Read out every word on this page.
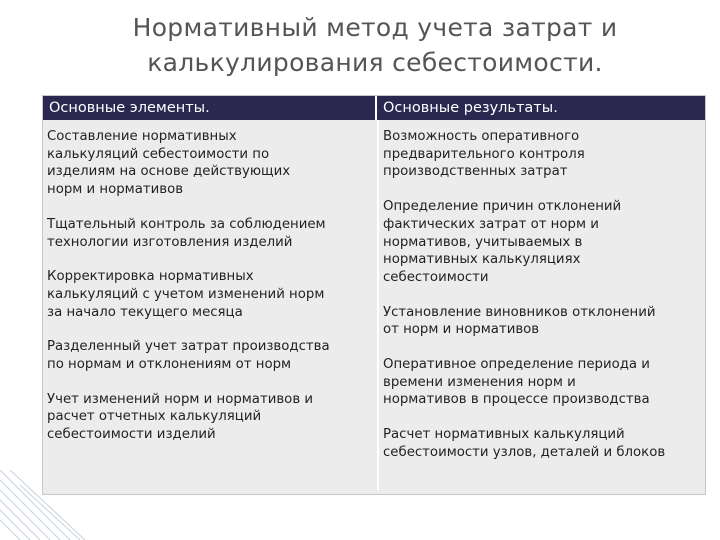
Нормативный метод учета затрат и
калькулирования себестоимости.
Основные элементы.	Основные результаты.

Составление нормативных
калькуляций себестоимости по
изделиям на основе действующих
норм и нормативов

Тщательный контроль за соблюдением
технологии изготовления изделий

Корректировка нормативных
калькуляций с учетом изменений норм
за начало текущего месяца

Разделенный учет затрат производства
по нормам и отклонениям от норм

Учет изменений норм и нормативов и
расчет отчетных калькуляций
себестоимости изделий

Возможность оперативного
предварительного контроля
производственных затрат

Определение причин отклонений
фактических затрат от норм и
нормативов, учитываемых в
нормативных калькуляциях
себестоимости

Установление виновников отклонений
от норм и нормативов

Оперативное определение периода и
времени изменения норм и
нормативов в процессе производства

Расчет нормативных калькуляций
себестоимости узлов, деталей и блоков
